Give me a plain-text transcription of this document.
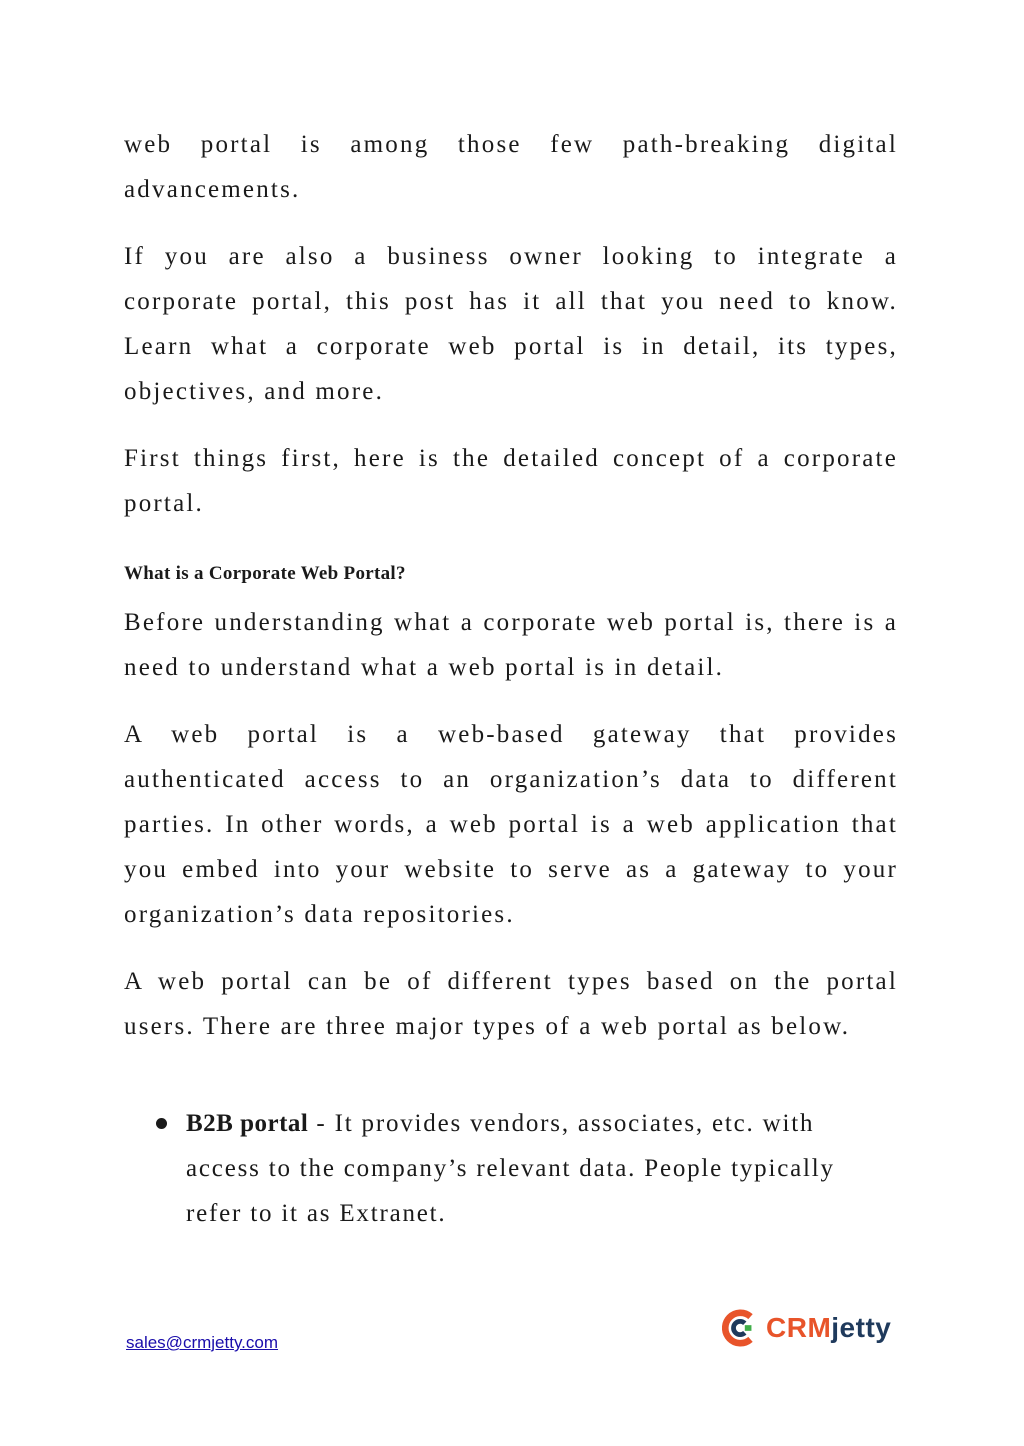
web portal is among those few path-breaking digital advancements.

If you are also a business owner looking to integrate a corporate portal, this post has it all that you need to know. Learn what a corporate web portal is in detail, its types, objectives, and more.

First things first, here is the detailed concept of a corporate portal.

What is a Corporate Web Portal?

Before understanding what a corporate web portal is, there is a need to understand what a web portal is in detail.

A web portal is a web-based gateway that provides authenticated access to an organization’s data to different parties. In other words, a web portal is a web application that you embed into your website to serve as a gateway to your organization’s data repositories.

A web portal can be of different types based on the portal users. There are three major types of a web portal as below.

B2B portal - It provides vendors, associates, etc. with access to the company’s relevant data. People typically refer to it as Extranet.
sales@crmjetty.com	CRMjetty
